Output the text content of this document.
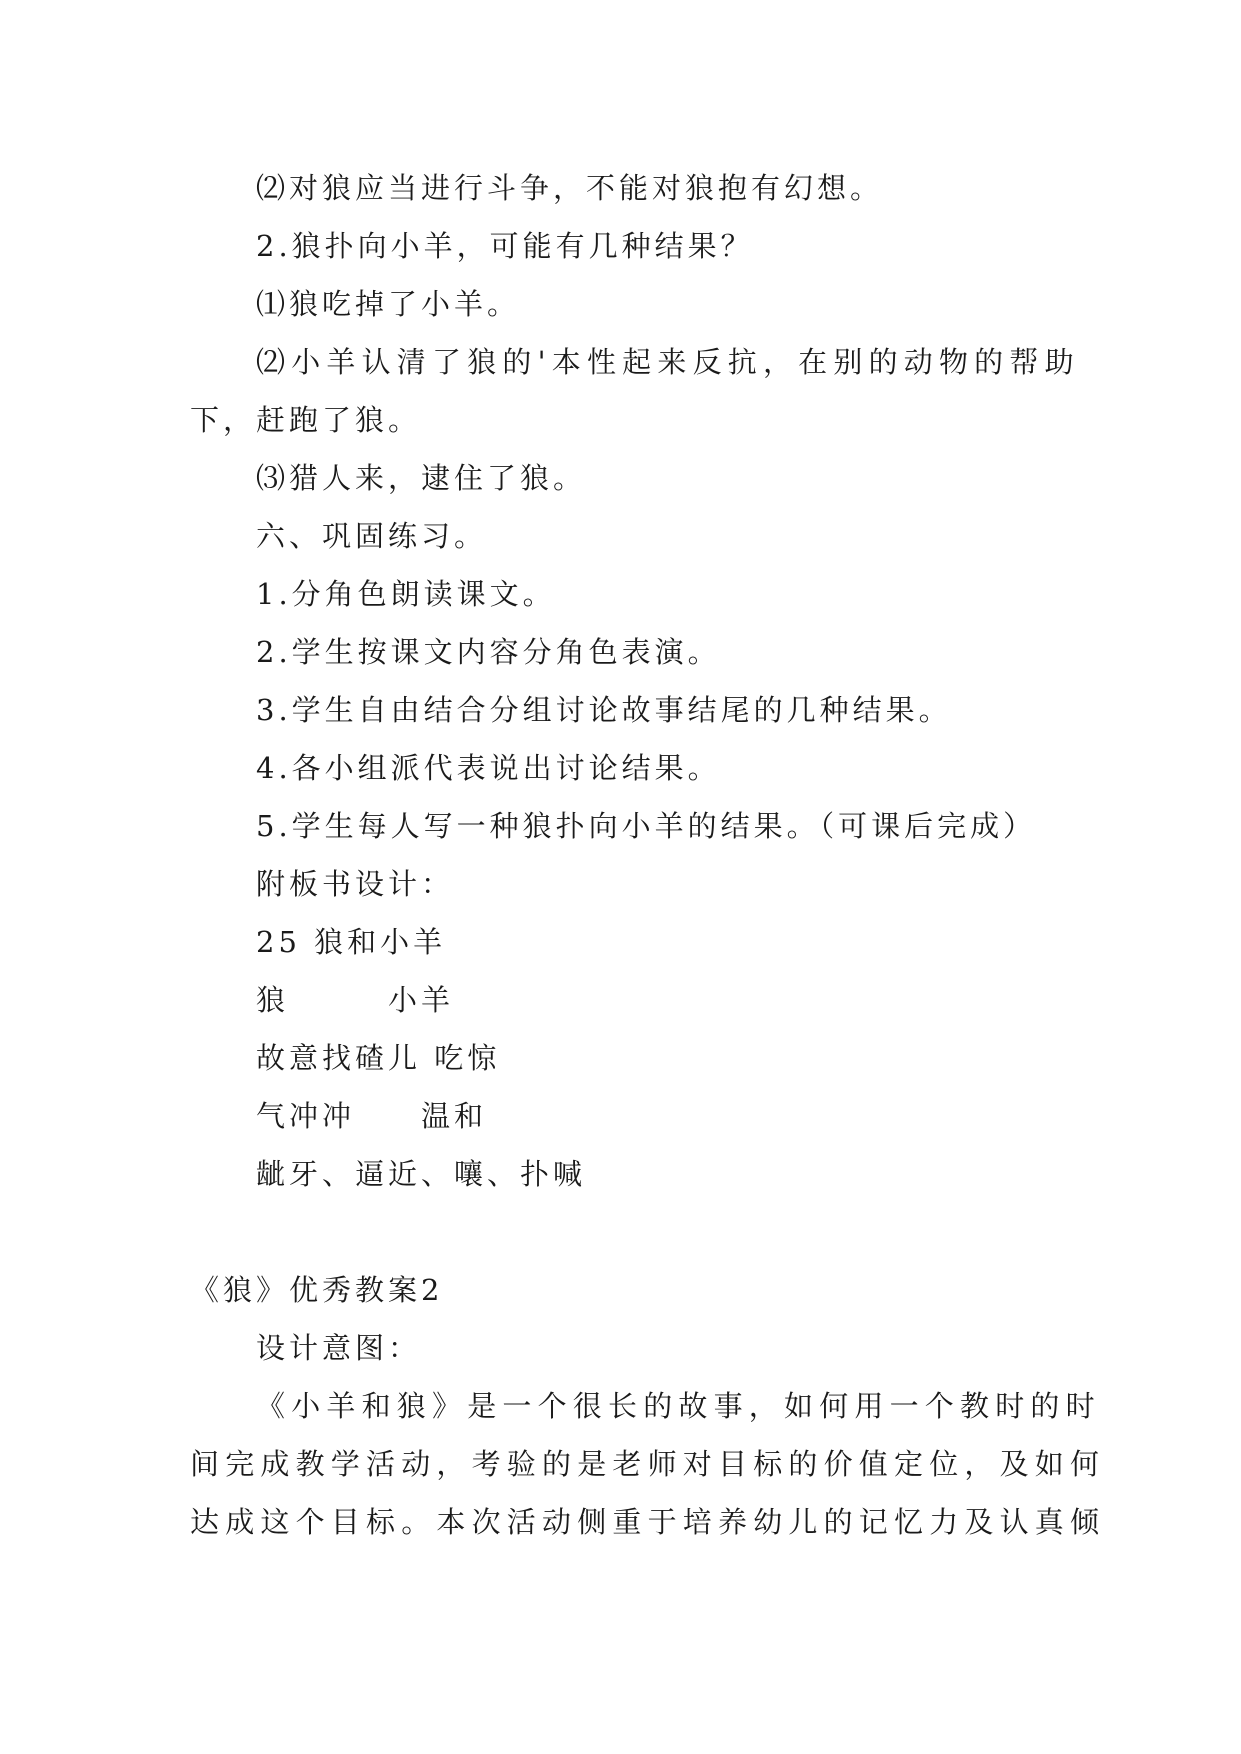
⑵对狼应当进行斗争，不能对狼抱有幻想。
2.狼扑向小羊，可能有几种结果？
⑴狼吃掉了小羊。
⑵小羊认清了狼的'本性起来反抗，在别的动物的帮助
下，赶跑了狼。
⑶猎人来，逮住了狼。
六、巩固练习。
1.分角色朗读课文。
2.学生按课文内容分角色表演。
3.学生自由结合分组讨论故事结尾的几种结果。
4.各小组派代表说出讨论结果。
5.学生每人写一种狼扑向小羊的结果。（可课后完成）
附板书设计：
25 狼和小羊
狼　　　小羊
故意找碴儿 吃惊
气冲冲　　温和
龇牙、逼近、嚷、扑喊
《狼》优秀教案2
设计意图：
《小羊和狼》是一个很长的故事，如何用一个教时的时
间完成教学活动，考验的是老师对目标的价值定位，及如何
达成这个目标。本次活动侧重于培养幼儿的记忆力及认真倾
